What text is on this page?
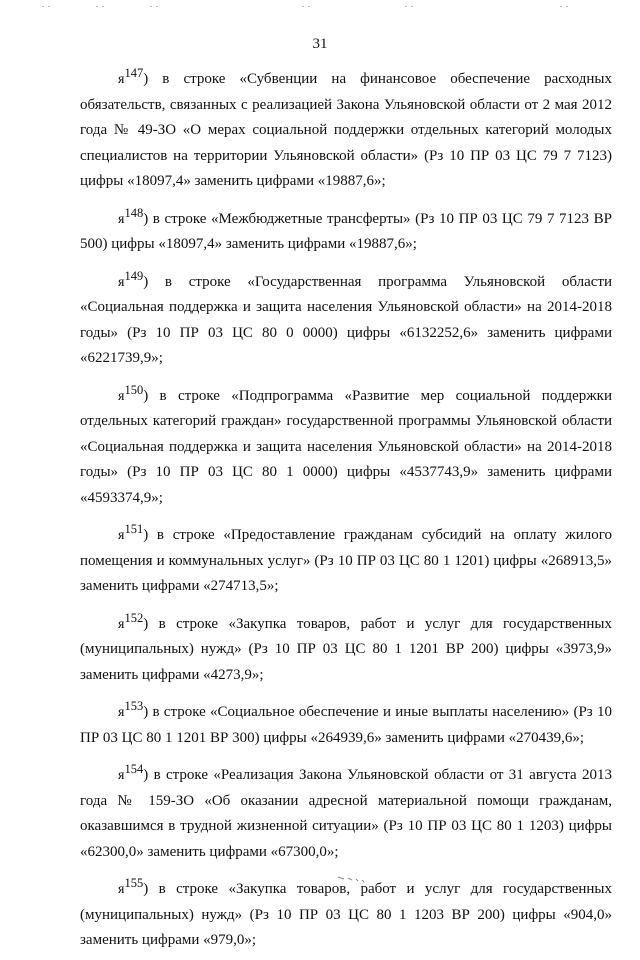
31

$я^{147}$) в строке «Субвенции на финансовое обеспечение расходных обязательств, связанных с реализацией Закона Ульяновской области от 2 мая 2012 года № 49-ЗО «О мерах социальной поддержки отдельных категорий молодых специалистов на территории Ульяновской области» (Рз 10 ПР 03 ЦС 79 7 7123) цифры «18097,4» заменить цифрами «19887,6»;

$я^{148}$) в строке «Межбюджетные трансферты» (Рз 10 ПР 03 ЦС 79 7 7123 ВР 500) цифры «18097,4» заменить цифрами «19887,6»;

$я^{149}$) в строке «Государственная программа Ульяновской области «Социальная поддержка и защита населения Ульяновской области» на 2014-2018 годы» (Рз 10 ПР 03 ЦС 80 0 0000) цифры «6132252,6» заменить цифрами «6221739,9»;

$я^{150}$) в строке «Подпрограмма «Развитие мер социальной поддержки отдельных категорий граждан» государственной программы Ульяновской области «Социальная поддержка и защита населения Ульяновской области» на 2014-2018 годы» (Рз 10 ПР 03 ЦС 80 1 0000) цифры «4537743,9» заменить цифрами «4593374,9»;

$я^{151}$) в строке «Предоставление гражданам субсидий на оплату жилого помещения и коммунальных услуг» (Рз 10 ПР 03 ЦС 80 1 1201) цифры «268913,5» заменить цифрами «274713,5»;

$я^{152}$) в строке «Закупка товаров, работ и услуг для государственных (муниципальных) нужд» (Рз 10 ПР 03 ЦС 80 1 1201 ВР 200) цифры «3973,9» заменить цифрами «4273,9»;

$я^{153}$) в строке «Социальное обеспечение и иные выплаты населению» (Рз 10 ПР 03 ЦС 80 1 1201 ВР 300) цифры «264939,6» заменить цифрами «270439,6»;

$я^{154}$) в строке «Реализация Закона Ульяновской области от 31 августа 2013 года № 159-ЗО «Об оказании адресной материальной помощи гражданам, оказавшимся в трудной жизненной ситуации» (Рз 10 ПР 03 ЦС 80 1 1203) цифры «62300,0» заменить цифрами «67300,0»;

$я^{155}$) в строке «Закупка товаров, работ и услуг для государственных (муниципальных) нужд» (Рз 10 ПР 03 ЦС 80 1 1203 ВР 200) цифры «904,0» заменить цифрами «979,0»;
